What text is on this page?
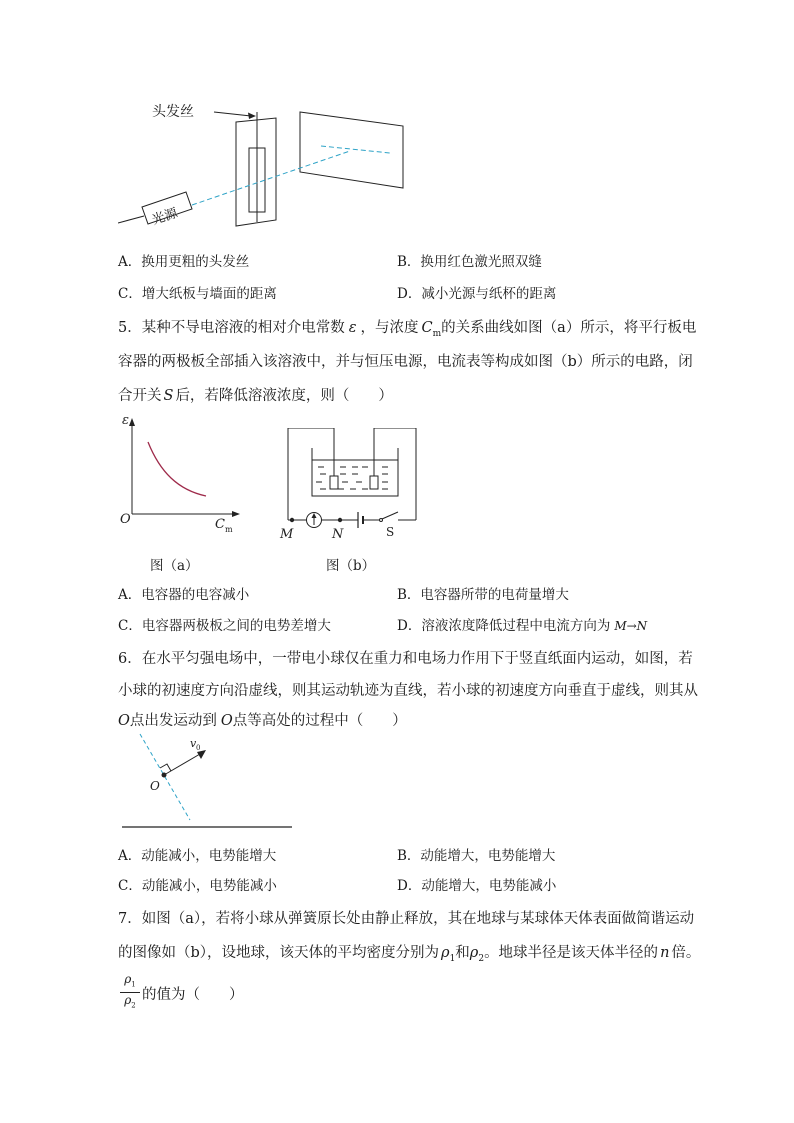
头发丝
光源
A．换用更粗的头发丝	B．换用红色激光照双缝
C．增大纸板与墙面的距离	D．减小光源与纸杯的距离
5．某种不导电溶液的相对介电常数 ε ，与浓度 $C_m$的关系曲线如图（a）所示，将平行板电
容器的两极板全部插入该溶液中，并与恒压电源，电流表等构成如图（b）所示的电路，闭
合开关 S 后，若降低溶液浓度，则（　　）
ε
O	C m
图（a）
M	N	S
图（b）
A．电容器的电容减小	B．电容器所带的电荷量增大
C．电容器两极板之间的电势差增大	D．溶液浓度降低过程中电流方向为 M→N
6．在水平匀强电场中，一带电小球仅在重力和电场力作用下于竖直纸面内运动，如图，若
小球的初速度方向沿虚线，则其运动轨迹为直线，若小球的初速度方向垂直于虚线，则其从
O点出发运动到 O点等高处的过程中（　　）
v 0
O
A．动能减小，电势能增大	B．动能增大，电势能增大
C．动能减小，电势能减小	D．动能增大，电势能减小
7．如图（a），若将小球从弹簧原长处由静止释放，其在地球与某球体天体表面做简谐运动
的图像如（b），设地球，该天体的平均密度分别为 $\rho_1$和$\rho_2$。地球半径是该天体半径的 n 倍。
$\frac{\rho_1}{\rho_2}$ 的值为（　　）
